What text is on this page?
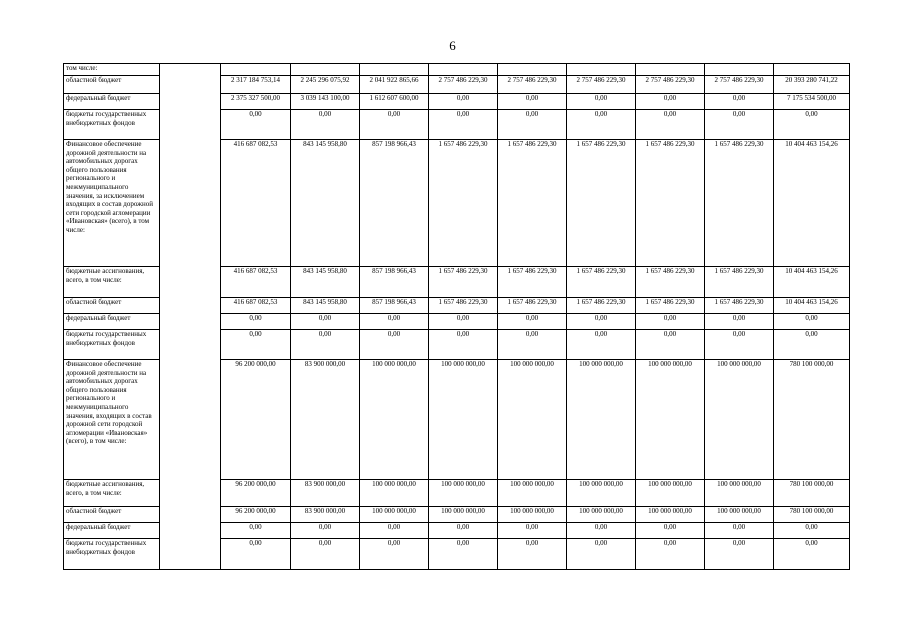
6
том числе:										
областной бюджет		2 317 184 753,14	2 245 296 075,92	2 041 922 865,66	2 757 486 229,30	2 757 486 229,30	2 757 486 229,30	2 757 486 229,30	2 757 486 229,30	20 393 280 741,22
федеральный бюджет		2 375 327 500,00	3 039 143 100,00	1 612 607 600,00	0,00	0,00	0,00	0,00	0,00	7 175 534 500,00
бюджеты государственных внебюджетных фондов		0,00	0,00	0,00	0,00	0,00	0,00	0,00	0,00	0,00
Финансовое обеспечение дорожной деятельности на автомобильных дорогах общего пользования регионального и межмуниципального значения, за исключением входящих в состав дорожной сети городской агломерации «Ивановская» (всего), в том числе:		416 687 082,53	843 145 958,80	857 198 966,43	1 657 486 229,30	1 657 486 229,30	1 657 486 229,30	1 657 486 229,30	1 657 486 229,30	10 404 463 154,26
бюджетные ассигнования, всего, в том числе:		416 687 082,53	843 145 958,80	857 198 966,43	1 657 486 229,30	1 657 486 229,30	1 657 486 229,30	1 657 486 229,30	1 657 486 229,30	10 404 463 154,26
областной бюджет		416 687 082,53	843 145 958,80	857 198 966,43	1 657 486 229,30	1 657 486 229,30	1 657 486 229,30	1 657 486 229,30	1 657 486 229,30	10 404 463 154,26
федеральный бюджет		0,00	0,00	0,00	0,00	0,00	0,00	0,00	0,00	0,00
бюджеты государственных внебюджетных фондов		0,00	0,00	0,00	0,00	0,00	0,00	0,00	0,00	0,00
Финансовое обеспечение дорожной деятельности на автомобильных дорогах общего пользования регионального и межмуниципального значения, входящих в состав дорожной сети городской агломерации «Ивановская» (всего), в том числе:		96 200 000,00	83 900 000,00	100 000 000,00	100 000 000,00	100 000 000,00	100 000 000,00	100 000 000,00	100 000 000,00	780 100 000,00
бюджетные ассигнования, всего, в том числе:		96 200 000,00	83 900 000,00	100 000 000,00	100 000 000,00	100 000 000,00	100 000 000,00	100 000 000,00	100 000 000,00	780 100 000,00
областной бюджет		96 200 000,00	83 900 000,00	100 000 000,00	100 000 000,00	100 000 000,00	100 000 000,00	100 000 000,00	100 000 000,00	780 100 000,00
федеральный бюджет		0,00	0,00	0,00	0,00	0,00	0,00	0,00	0,00	0,00
бюджеты государственных внебюджетных фондов		0,00	0,00	0,00	0,00	0,00	0,00	0,00	0,00	0,00
